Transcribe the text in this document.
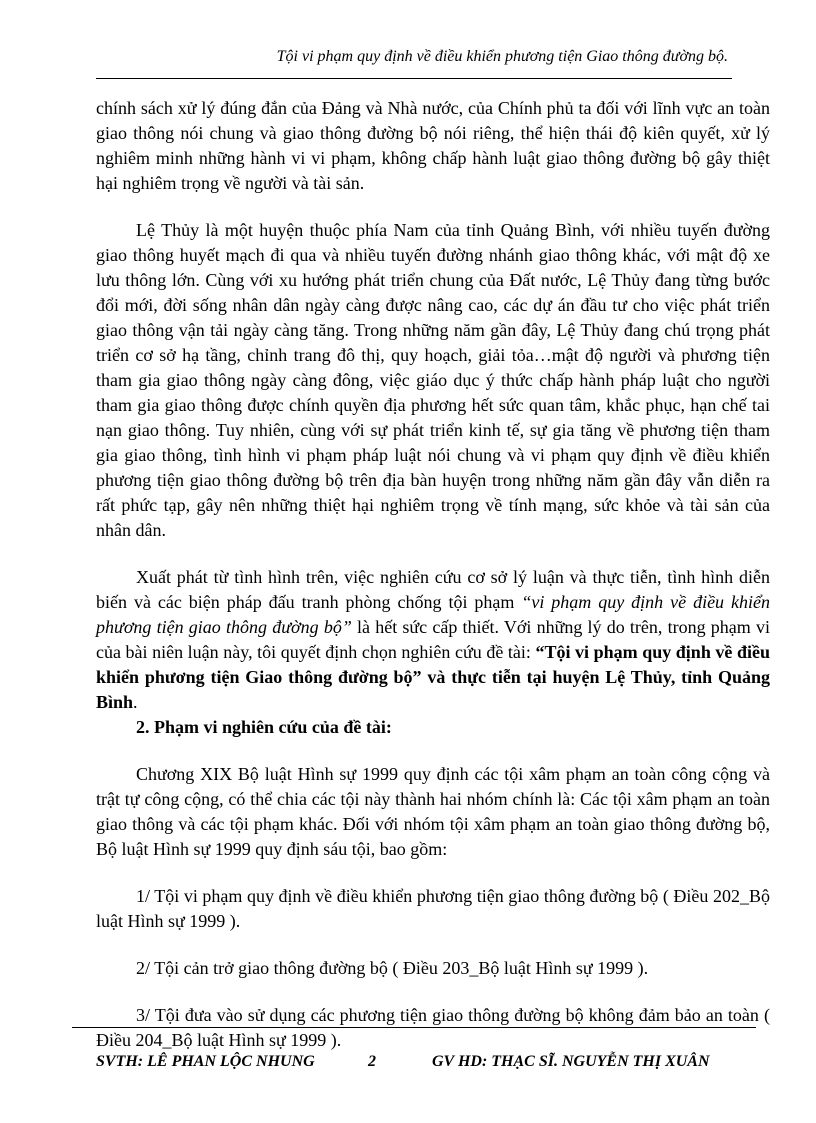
Tội vi phạm quy định về điều khiển phương tiện Giao thông đường bộ.

chính sách xử lý đúng đắn của Đảng và Nhà nước, của Chính phủ ta đối với lĩnh vực an toàn giao thông nói chung và giao thông đường bộ nói riêng, thể hiện thái độ kiên quyết, xử lý nghiêm minh những hành vi vi phạm, không chấp hành luật giao thông đường bộ gây thiệt hại nghiêm trọng về người và tài sản.

Lệ Thủy là một huyện thuộc phía Nam của tỉnh Quảng Bình, với nhiều tuyến đường giao thông huyết mạch đi qua và nhiều tuyến đường nhánh giao thông khác, với mật độ xe lưu thông lớn. Cùng với xu hướng phát triển chung của Đất nước, Lệ Thủy đang từng bước đổi mới, đời sống nhân dân ngày càng được nâng cao, các dự án đầu tư cho việc phát triển giao thông vận tải ngày càng tăng. Trong những năm gần đây, Lệ Thủy đang chú trọng phát triển cơ sở hạ tầng, chỉnh trang đô thị, quy hoạch, giải tỏa…mật độ người và phương tiện tham gia giao thông ngày càng đông, việc giáo dục ý thức chấp hành pháp luật cho người tham gia giao thông được chính quyền địa phương hết sức quan tâm, khắc phục, hạn chế tai nạn giao thông. Tuy nhiên, cùng với sự phát triển kinh tế, sự gia tăng về phương tiện tham gia giao thông, tình hình vi phạm pháp luật nói chung và vi phạm quy định về điều khiển phương tiện giao thông đường bộ trên địa bàn huyện trong những năm gần đây vẫn diễn ra rất phức tạp, gây nên những thiệt hại nghiêm trọng về tính mạng, sức khỏe và tài sản của nhân dân.

Xuất phát từ tình hình trên, việc nghiên cứu cơ sở lý luận và thực tiễn, tình hình diễn biến và các biện pháp đấu tranh phòng chống tội phạm “vi phạm quy định về điều khiển phương tiện giao thông đường bộ” là hết sức cấp thiết. Với những lý do trên, trong phạm vi của bài niên luận này, tôi quyết định chọn nghiên cứu đề tài: “Tội vi phạm quy định về điều khiển phương tiện Giao thông đường bộ” và thực tiễn tại huyện Lệ Thủy, tỉnh Quảng Bình.

2. Phạm vi nghiên cứu của đề tài:

Chương XIX Bộ luật Hình sự 1999 quy định các tội xâm phạm an toàn công cộng và trật tự công cộng, có thể chia các tội này thành hai nhóm chính là: Các tội xâm phạm an toàn giao thông và các tội phạm khác. Đối với nhóm tội xâm phạm an toàn giao thông đường bộ, Bộ luật Hình sự 1999 quy định sáu tội, bao gồm:

1/ Tội vi phạm quy định về điều khiển phương tiện giao thông đường bộ ( Điều 202_Bộ luật Hình sự 1999 ).

2/ Tội cản trở giao thông đường bộ ( Điều 203_Bộ luật Hình sự 1999 ).

3/ Tội đưa vào sử dụng các phương tiện giao thông đường bộ không đảm bảo an toàn ( Điều 204_Bộ luật Hình sự 1999 ).

SVTH: LÊ PHAN LỘC NHUNG	2	GV HD: THẠC SĨ. NGUYỄN THỊ XUÂN
